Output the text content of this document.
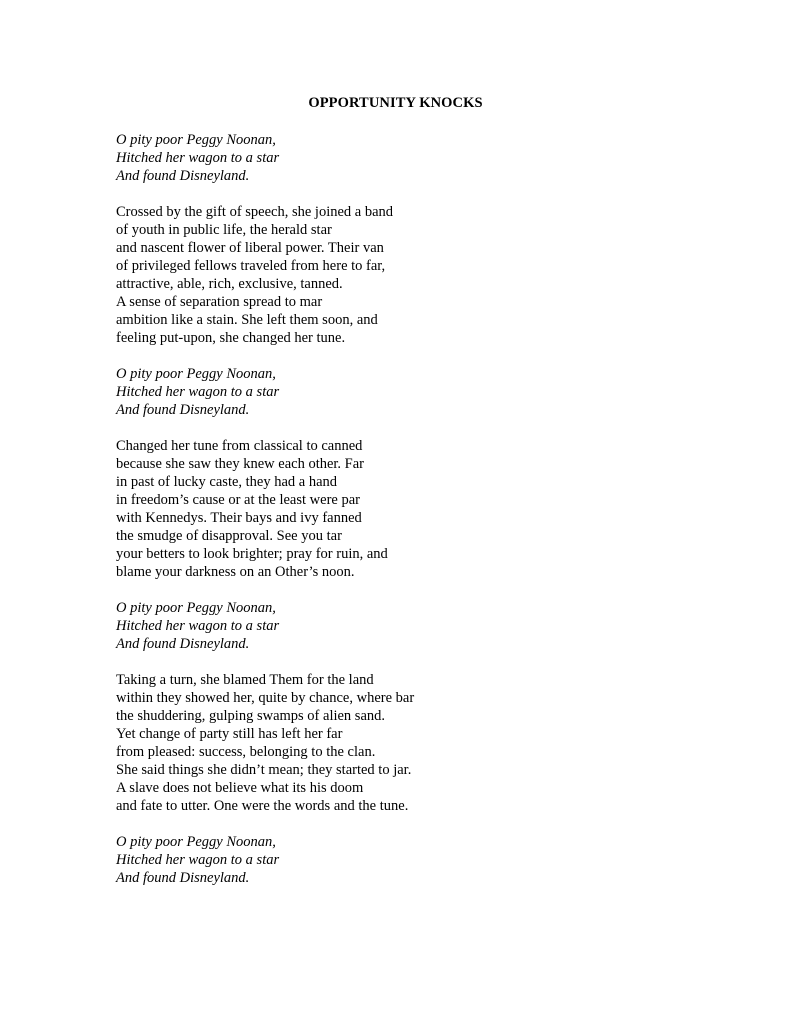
OPPORTUNITY KNOCKS
O pity poor Peggy Noonan,
Hitched her wagon to a star
And found Disneyland.
Crossed by the gift of speech, she joined a band
of youth in public life, the herald star
and nascent flower of liberal power. Their van
of privileged fellows traveled from here to far,
attractive, able, rich, exclusive, tanned.
A sense of separation spread to mar
ambition like a stain. She left them soon, and
feeling put-upon, she changed her tune.
O pity poor Peggy Noonan,
Hitched her wagon to a star
And found Disneyland.
Changed her tune from classical to canned
because she saw they knew each other. Far
in past of lucky caste, they had a hand
in freedom’s cause or at the least were par
with Kennedys. Their bays and ivy fanned
the smudge of disapproval. See you tar
your betters to look brighter; pray for ruin, and
blame your darkness on an Other’s noon.
O pity poor Peggy Noonan,
Hitched her wagon to a star
And found Disneyland.
Taking a turn, she blamed Them for the land
within they showed her, quite by chance, where bar
the shuddering, gulping swamps of alien sand.
Yet change of party still has left her far
from pleased: success, belonging to the clan.
She said things she didn’t mean; they started to jar.
A slave does not believe what its his doom
and fate to utter. One were the words and the tune.
O pity poor Peggy Noonan,
Hitched her wagon to a star
And found Disneyland.
